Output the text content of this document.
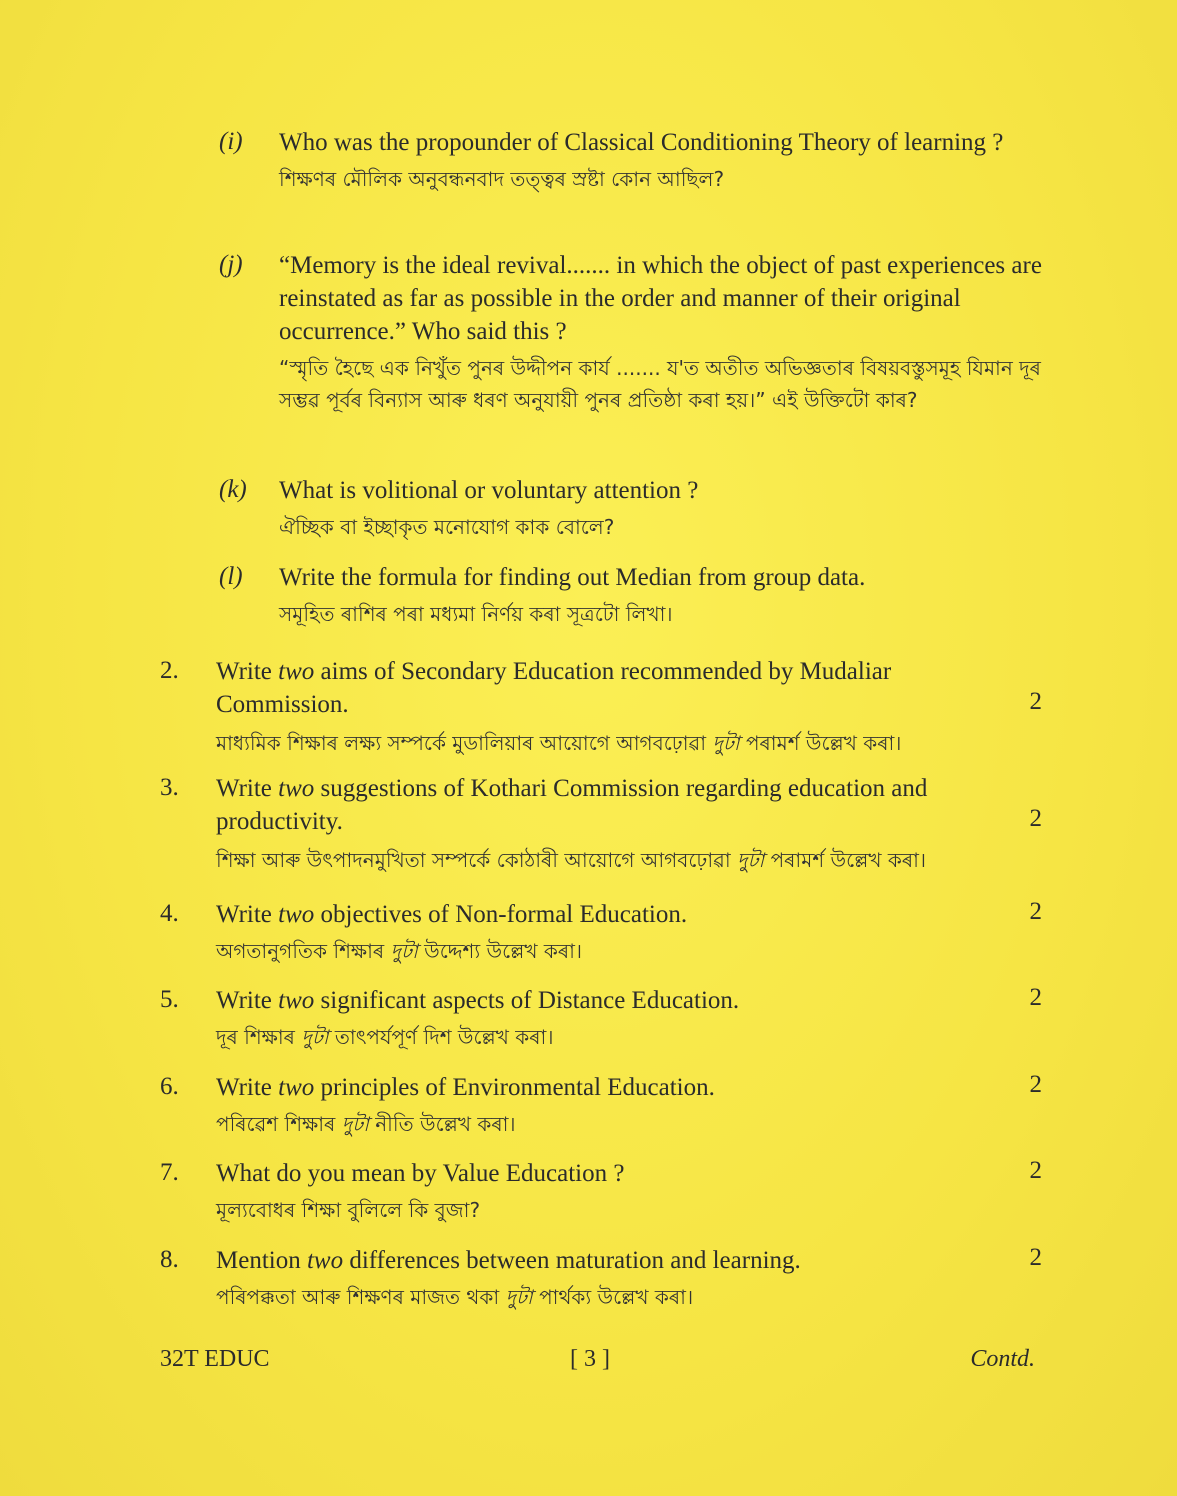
(i) Who was the propounder of Classical Conditioning Theory of learning ?
শিক্ষণৰ মৌলিক অনুবন্ধনবাদ তত্ত্বৰ স্রষ্টা কোন আছিল?
(j) “Memory is the ideal revival....... in which the object of past experiences are reinstated as far as possible in the order and manner of their original occurrence.” Who said this ?
“স্মৃতি হৈছে এক নিখুঁত পুনৰ উদ্দীপন কাৰ্য ....... য'ত অতীত অভিজ্ঞতাৰ বিষয়বস্তুসমূহ যিমান দূৰ সম্ভৱ পূৰ্বৰ বিন্যাস আৰু ধৰণ অনুযায়ী পুনৰ প্ৰতিষ্ঠা কৰা হয়।” এই উক্তিটো কাৰ?
(k) What is volitional or voluntary attention ?
ঐচ্ছিক বা ইচ্ছাকৃত মনোযোগ কাক বোলে?
(l) Write the formula for finding out Median from group data.
সমূহিত ৰাশিৰ পৰা মধ্যমা নিৰ্ণয় কৰা সূত্ৰটো লিখা।
2. Write two aims of Secondary Education recommended by Mudaliar Commission.	2
মাধ্যমিক শিক্ষাৰ লক্ষ্য সম্পৰ্কে মুডালিয়াৰ আয়োগে আগবঢ়োৱা দুটা পৰামৰ্শ উল্লেখ কৰা।
3. Write two suggestions of Kothari Commission regarding education and productivity.	2
শিক্ষা আৰু উৎপাদনমুখিতা সম্পৰ্কে কোঠাৰী আয়োগে আগবঢ়োৱা দুটা পৰামৰ্শ উল্লেখ কৰা।
4. Write two objectives of Non-formal Education.	2
অগতানুগতিক শিক্ষাৰ দুটা উদ্দেশ্য উল্লেখ কৰা।
5. Write two significant aspects of Distance Education.	2
দূৰ শিক্ষাৰ দুটা তাৎপৰ্যপূৰ্ণ দিশ উল্লেখ কৰা।
6. Write two principles of Environmental Education.	2
পৰিৱেশ শিক্ষাৰ দুটা নীতি উল্লেখ কৰা।
7. What do you mean by Value Education ?	2
মূল্যবোধৰ শিক্ষা বুলিলে কি বুজা?
8. Mention two differences between maturation and learning.	2
পৰিপক্কতা আৰু শিক্ষণৰ মাজত থকা দুটা পাৰ্থক্য উল্লেখ কৰা।
32T EDUC	[ 3 ]	Contd.
